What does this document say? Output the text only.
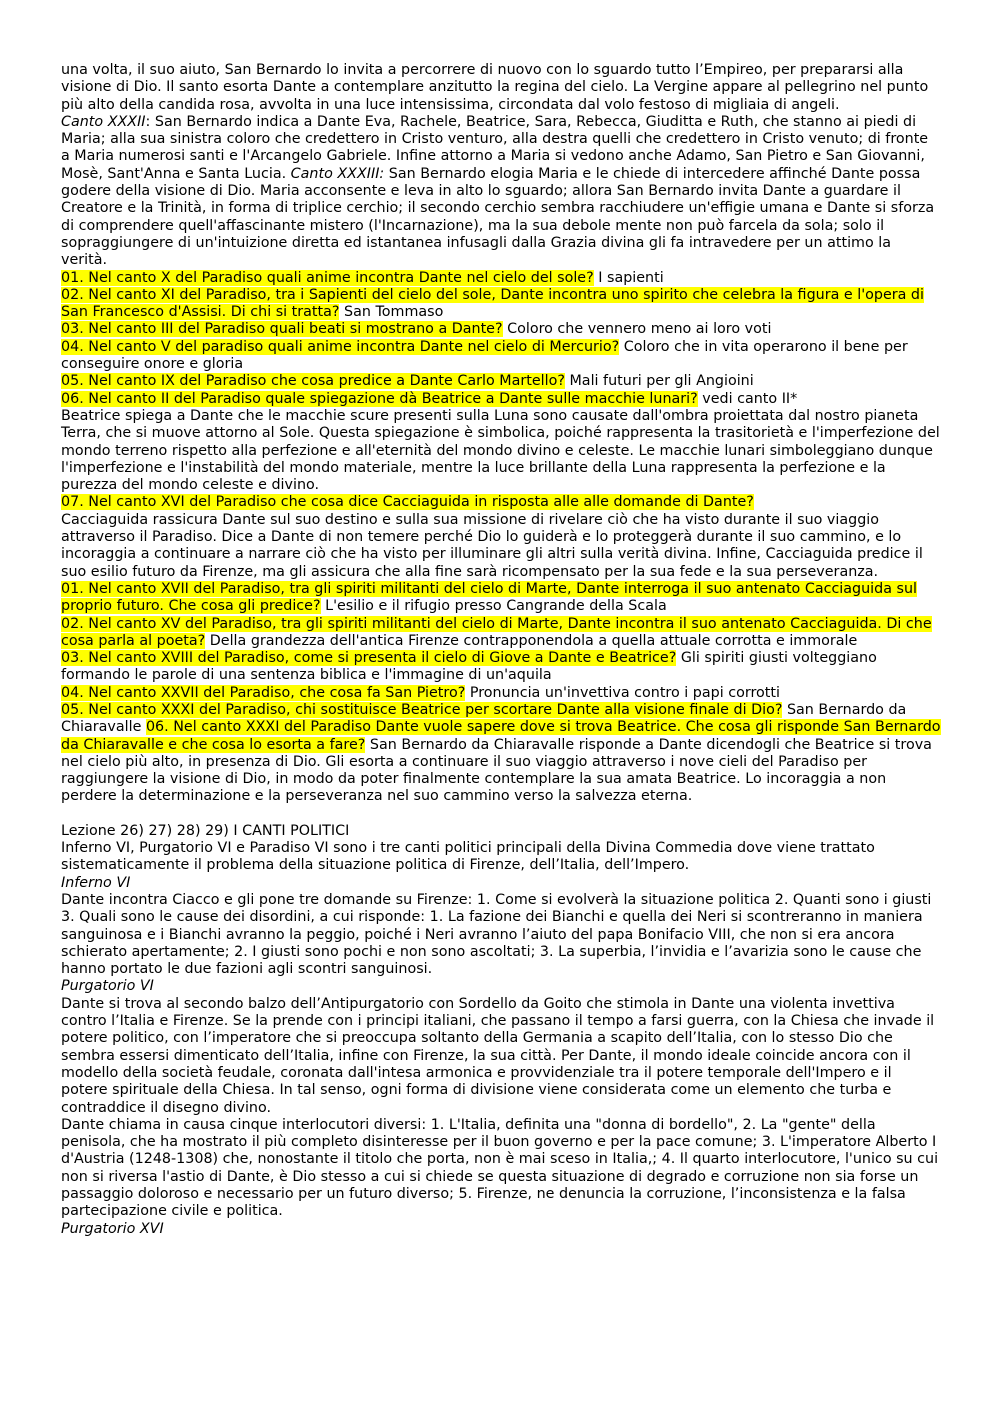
una volta, il suo aiuto, San Bernardo lo invita a percorrere di nuovo con lo sguardo tutto l’Empireo, per prepararsi alla visione di Dio. Il santo esorta Dante a contemplare anzitutto la regina del cielo. La Vergine appare al pellegrino nel punto più alto della candida rosa, avvolta in una luce intensissima, circondata dal volo festoso di migliaia di angeli.

Canto XXXII: San Bernardo indica a Dante Eva, Rachele, Beatrice, Sara, Rebecca, Giuditta e Ruth, che stanno ai piedi di Maria; alla sua sinistra coloro che credettero in Cristo venturo, alla destra quelli che credettero in Cristo venuto; di fronte a Maria numerosi santi e l'Arcangelo Gabriele. Infine attorno a Maria si vedono anche Adamo, San Pietro e San Giovanni, Mosè, Sant'Anna e Santa Lucia. Canto XXXIII: San Bernardo elogia Maria e le chiede di intercedere affinché Dante possa godere della visione di Dio. Maria acconsente e leva in alto lo sguardo; allora San Bernardo invita Dante a guardare il Creatore e la Trinità, in forma di triplice cerchio; il secondo cerchio sembra racchiudere un'effigie umana e Dante si sforza di comprendere quell'affascinante mistero (l'Incarnazione), ma la sua debole mente non può farcela da sola; solo il sopraggiungere di un'intuizione diretta ed istantanea infusagli dalla Grazia divina gli fa intravedere per un attimo la verità.

01. Nel canto X del Paradiso quali anime incontra Dante nel cielo del sole? I sapienti

02. Nel canto XI del Paradiso, tra i Sapienti del cielo del sole, Dante incontra uno spirito che celebra la figura e l'opera di San Francesco d'Assisi. Di chi si tratta? San Tommaso

03. Nel canto III del Paradiso quali beati si mostrano a Dante? Coloro che vennero meno ai loro voti

04. Nel canto V del paradiso quali anime incontra Dante nel cielo di Mercurio? Coloro che in vita operarono il bene per conseguire onore e gloria

05. Nel canto IX del Paradiso che cosa predice a Dante Carlo Martello? Mali futuri per gli Angioini

06. Nel canto II del Paradiso quale spiegazione dà Beatrice a Dante sulle macchie lunari? vedi canto II*

Beatrice spiega a Dante che le macchie scure presenti sulla Luna sono causate dall'ombra proiettata dal nostro pianeta Terra, che si muove attorno al Sole. Questa spiegazione è simbolica, poiché rappresenta la trasitorietà e l'imperfezione del mondo terreno rispetto alla perfezione e all'eternità del mondo divino e celeste. Le macchie lunari simboleggiano dunque l'imperfezione e l'instabilità del mondo materiale, mentre la luce brillante della Luna rappresenta la perfezione e la purezza del mondo celeste e divino.

07. Nel canto XVI del Paradiso che cosa dice Cacciaguida in risposta alle alle domande di Dante?

Cacciaguida rassicura Dante sul suo destino e sulla sua missione di rivelare ciò che ha visto durante il suo viaggio attraverso il Paradiso. Dice a Dante di non temere perché Dio lo guiderà e lo proteggerà durante il suo cammino, e lo incoraggia a continuare a narrare ciò che ha visto per illuminare gli altri sulla verità divina. Infine, Cacciaguida predice il suo esilio futuro da Firenze, ma gli assicura che alla fine sarà ricompensato per la sua fede e la sua perseveranza.

01. Nel canto XVII del Paradiso, tra gli spiriti militanti del cielo di Marte, Dante interroga il suo antenato Cacciaguida sul proprio futuro. Che cosa gli predice? L'esilio e il rifugio presso Cangrande della Scala

02. Nel canto XV del Paradiso, tra gli spiriti militanti del cielo di Marte, Dante incontra il suo antenato Cacciaguida. Di che cosa parla al poeta? Della grandezza dell'antica Firenze contrapponendola a quella attuale corrotta e immorale

03. Nel canto XVIII del Paradiso, come si presenta il cielo di Giove a Dante e Beatrice? Gli spiriti giusti volteggiano formando le parole di una sentenza biblica e l'immagine di un'aquila

04. Nel canto XXVII del Paradiso, che cosa fa San Pietro? Pronuncia un'invettiva contro i papi corrotti

05. Nel canto XXXI del Paradiso, chi sostituisce Beatrice per scortare Dante alla visione finale di Dio? San Bernardo da Chiaravalle 06. Nel canto XXXI del Paradiso Dante vuole sapere dove si trova Beatrice. Che cosa gli risponde San Bernardo da Chiaravalle e che cosa lo esorta a fare? San Bernardo da Chiaravalle risponde a Dante dicendogli che Beatrice si trova nel cielo più alto, in presenza di Dio. Gli esorta a continuare il suo viaggio attraverso i nove cieli del Paradiso per raggiungere la visione di Dio, in modo da poter finalmente contemplare la sua amata Beatrice. Lo incoraggia a non perdere la determinazione e la perseveranza nel suo cammino verso la salvezza eterna.

Lezione 26) 27) 28) 29) I CANTI POLITICI

Inferno VI, Purgatorio VI e Paradiso VI sono i tre canti politici principali della Divina Commedia dove viene trattato sistematicamente il problema della situazione politica di Firenze, dell’Italia, dell’Impero.

Inferno VI

Dante incontra Ciacco e gli pone tre domande su Firenze: 1. Come si evolverà la situazione politica 2. Quanti sono i giusti 3. Quali sono le cause dei disordini, a cui risponde: 1. La fazione dei Bianchi e quella dei Neri si scontreranno in maniera sanguinosa e i Bianchi avranno la peggio, poiché i Neri avranno l’aiuto del papa Bonifacio VIII, che non si era ancora schierato apertamente; 2. I giusti sono pochi e non sono ascoltati; 3. La superbia, l’invidia e l’avarizia sono le cause che hanno portato le due fazioni agli scontri sanguinosi.

Purgatorio VI

Dante si trova al secondo balzo dell’Antipurgatorio con Sordello da Goito che stimola in Dante una violenta invettiva contro l’Italia e Firenze. Se la prende con i principi italiani, che passano il tempo a farsi guerra, con la Chiesa che invade il potere politico, con l’imperatore che si preoccupa soltanto della Germania a scapito dell’Italia, con lo stesso Dio che sembra essersi dimenticato dell’Italia, infine con Firenze, la sua città. Per Dante, il mondo ideale coincide ancora con il modello della società feudale, coronata dall'intesa armonica e provvidenziale tra il potere temporale dell'Impero e il potere spirituale della Chiesa. In tal senso, ogni forma di divisione viene considerata come un elemento che turba e contraddice il disegno divino.

Dante chiama in causa cinque interlocutori diversi: 1. L'Italia, definita una "donna di bordello", 2. La "gente" della penisola, che ha mostrato il più completo disinteresse per il buon governo e per la pace comune; 3. L'imperatore Alberto I d'Austria (1248-1308) che, nonostante il titolo che porta, non è mai sceso in Italia,; 4. Il quarto interlocutore, l'unico su cui non si riversa l'astio di Dante, è Dio stesso a cui si chiede se questa situazione di degrado e corruzione non sia forse un passaggio doloroso e necessario per un futuro diverso; 5. Firenze, ne denuncia la corruzione, l’inconsistenza e la falsa partecipazione civile e politica.

Purgatorio XVI
